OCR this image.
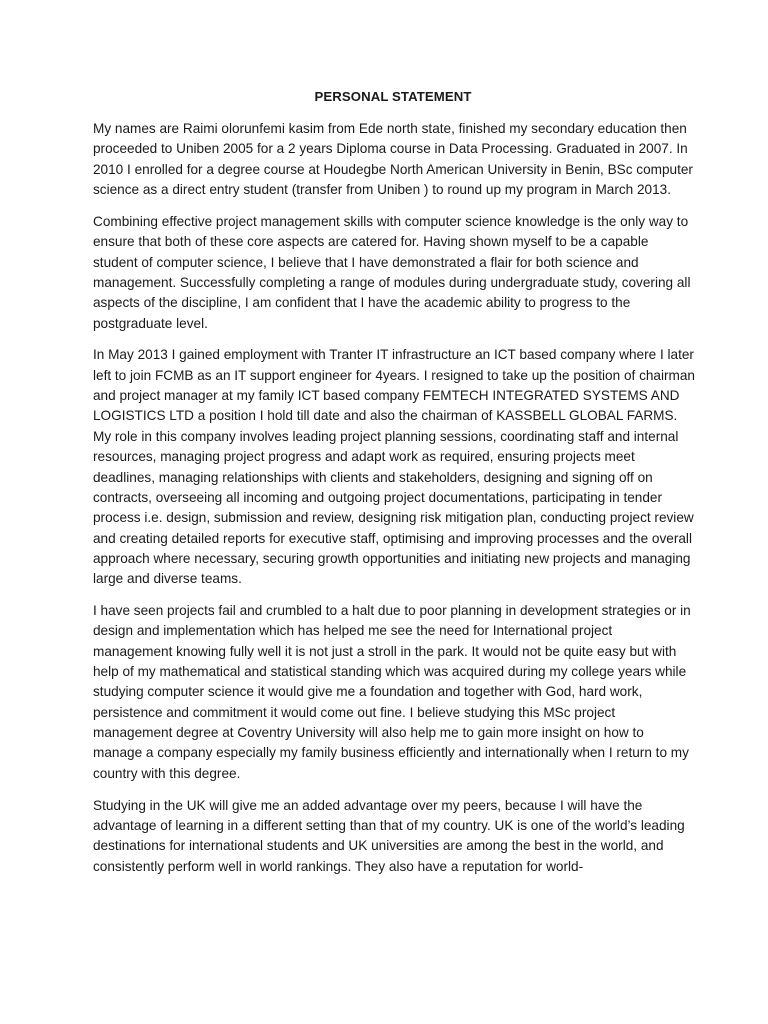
PERSONAL STATEMENT

My names are Raimi olorunfemi kasim from Ede north state, finished my secondary education then proceeded to Uniben 2005 for a 2 years Diploma course in Data Processing. Graduated in 2007. In 2010 I enrolled for a degree course at Houdegbe North American University in Benin, BSc computer science as a direct entry student (transfer from Uniben ) to round up my program in March 2013.

Combining effective project management skills with computer science knowledge is the only way to ensure that both of these core aspects are catered for. Having shown myself to be a capable student of computer science, I believe that I have demonstrated a flair for both science and management. Successfully completing a range of modules during undergraduate study, covering all aspects of the discipline, I am confident that I have the academic ability to progress to the postgraduate level.

In May 2013 I gained employment with Tranter IT infrastructure an ICT based company where I later left to join FCMB as an IT support engineer for 4years. I resigned to take up the position of chairman and project manager at my family ICT based company FEMTECH INTEGRATED SYSTEMS AND LOGISTICS LTD a position I hold till date and also the chairman of KASSBELL GLOBAL FARMS. My role in this company involves leading project planning sessions, coordinating staff and internal resources, managing project progress and adapt work as required, ensuring projects meet deadlines, managing relationships with clients and stakeholders, designing and signing off on contracts, overseeing all incoming and outgoing project documentations, participating in tender process i.e. design, submission and review, designing risk mitigation plan, conducting project review and creating detailed reports for executive staff, optimising and improving processes and the overall approach where necessary, securing growth opportunities and initiating new projects and managing large and diverse teams.

I have seen projects fail and crumbled to a halt due to poor planning in development strategies or in design and implementation which has helped me see the need for International project management knowing fully well it is not just a stroll in the park. It would not be quite easy but with help of my mathematical and statistical standing which was acquired during my college years while studying computer science it would give me a foundation and together with God, hard work, persistence and commitment it would come out fine. I believe studying this MSc project management degree at Coventry University will also help me to gain more insight on how to manage a company especially my family business efficiently and internationally when I return to my country with this degree.

Studying in the UK will give me an added advantage over my peers, because I will have the advantage of learning in a different setting than that of my country. UK is one of the world’s leading destinations for international students and UK universities are among the best in the world, and consistently perform well in world rankings. They also have a reputation for world-
